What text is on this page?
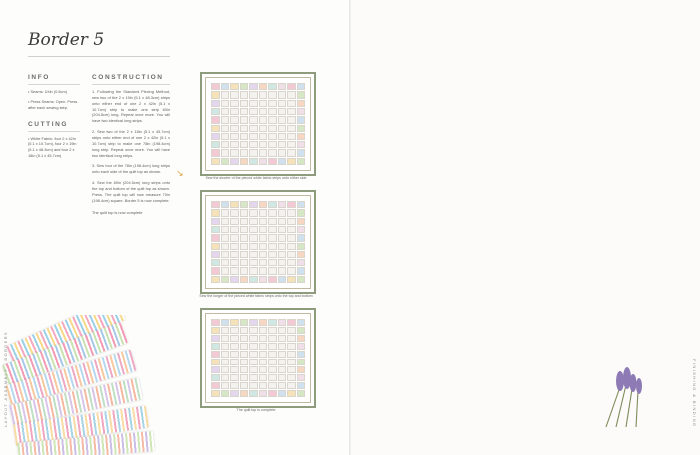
Border 5
INFO
• Seams: 1⁄4in (0.6cm)
• Press Seams: Open. Press after each sewing step.
CUTTING
• White Fabric: four 2 x 42in (5.1 x 10.7cm), four 2 x 19in (5.1 x 48.3cm) and four 2 x 18in (5.1 x 45.7cm)
CONSTRUCTION
1. Following the Standard Piecing Method, sew two of the 2 x 19in (5.1 x 48.3cm) strips onto either end of one 2 x 42in (5.1 x 10.7cm) strip to make one strip 60in (204.5cm) long. Repeat once more. You will have two identical long strips.
2. Sew two of the 2 x 18in (5.1 x 45.7cm) strips onto either end of one 2 x 42in (5.1 x 10.7cm) strip to make one 78in (198.4cm) long strip. Repeat once more. You will have two identical long strips.
3. Sew four of the 78in (198.4cm) long strips onto each side of the quilt top as shown.
4. Sew the 80in (204.5cm) long strips onto the top and bottom of the quilt top as shown. Press. The quilt top will now measure 70in (198.4cm) square. Border 5 is now complete.
The quilt top is now complete
Sew the shorter of the pieced white fabric strips onto either side
↘
Sew the longer of the pieced white fabric strips onto the top and bottom
The quilt top is complete
LAYOUT ASSEMBLY / BORDERS	FINISHING & BINDING
